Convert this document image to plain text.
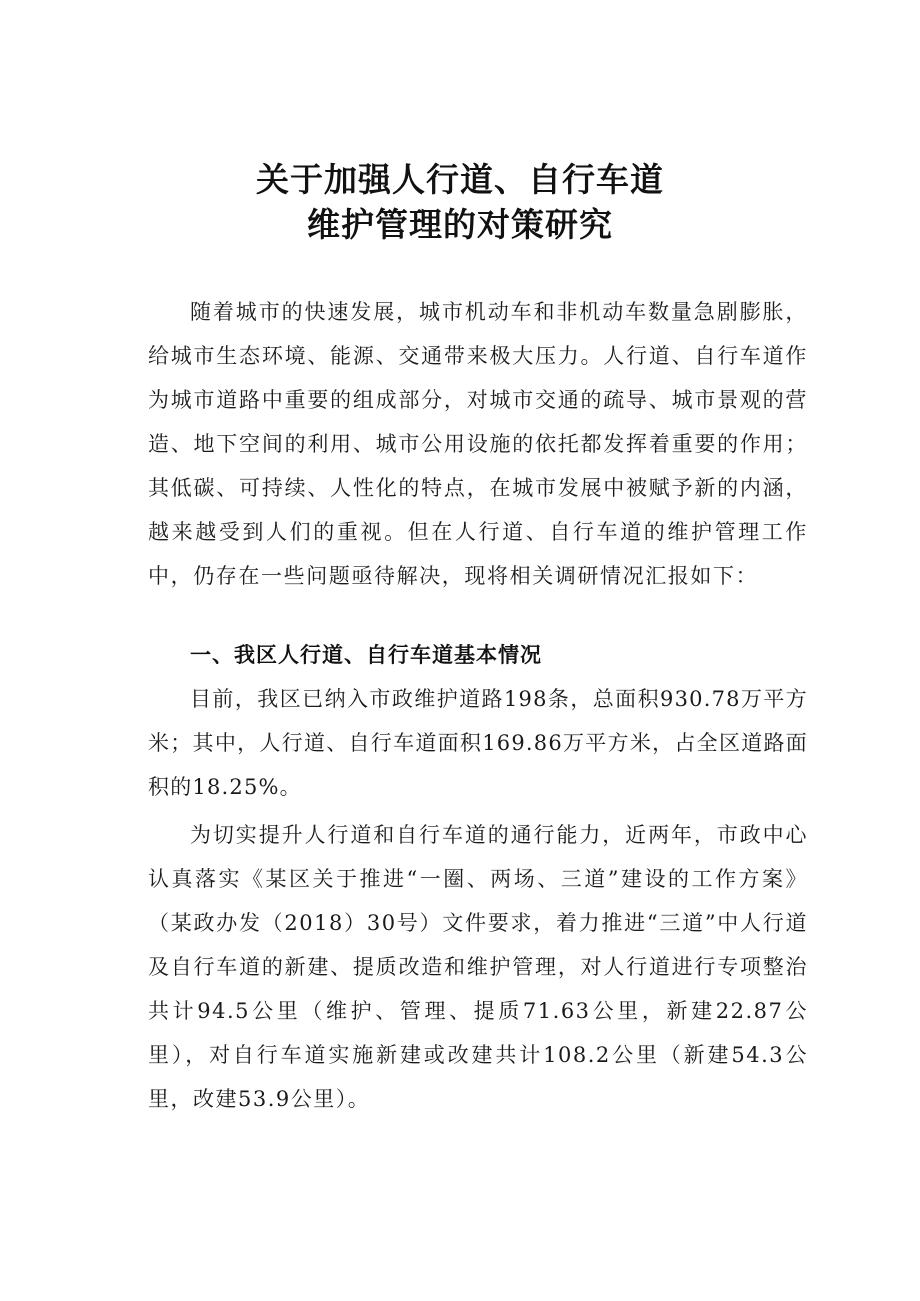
关于加强人行道、自行车道
维护管理的对策研究

随着城市的快速发展，城市机动车和非机动车数量急剧膨胀，给城市生态环境、能源、交通带来极大压力。人行道、自行车道作为城市道路中重要的组成部分，对城市交通的疏导、城市景观的营造、地下空间的利用、城市公用设施的依托都发挥着重要的作用；其低碳、可持续、人性化的特点，在城市发展中被赋予新的内涵，越来越受到人们的重视。但在人行道、自行车道的维护管理工作中，仍存在一些问题亟待解决，现将相关调研情况汇报如下：

一、我区人行道、自行车道基本情况

目前，我区已纳入市政维护道路198条，总面积930.78万平方米；其中，人行道、自行车道面积169.86万平方米，占全区道路面积的18.25%。

为切实提升人行道和自行车道的通行能力，近两年，市政中心认真落实《某区关于推进“一圈、两场、三道”建设的工作方案》（某政办发（2018）30号）文件要求，着力推进“三道”中人行道及自行车道的新建、提质改造和维护管理，对人行道进行专项整治共计94.5公里（维护、管理、提质71.63公里，新建22.87公里），对自行车道实施新建或改建共计108.2公里（新建54.3公里，改建53.9公里）。
